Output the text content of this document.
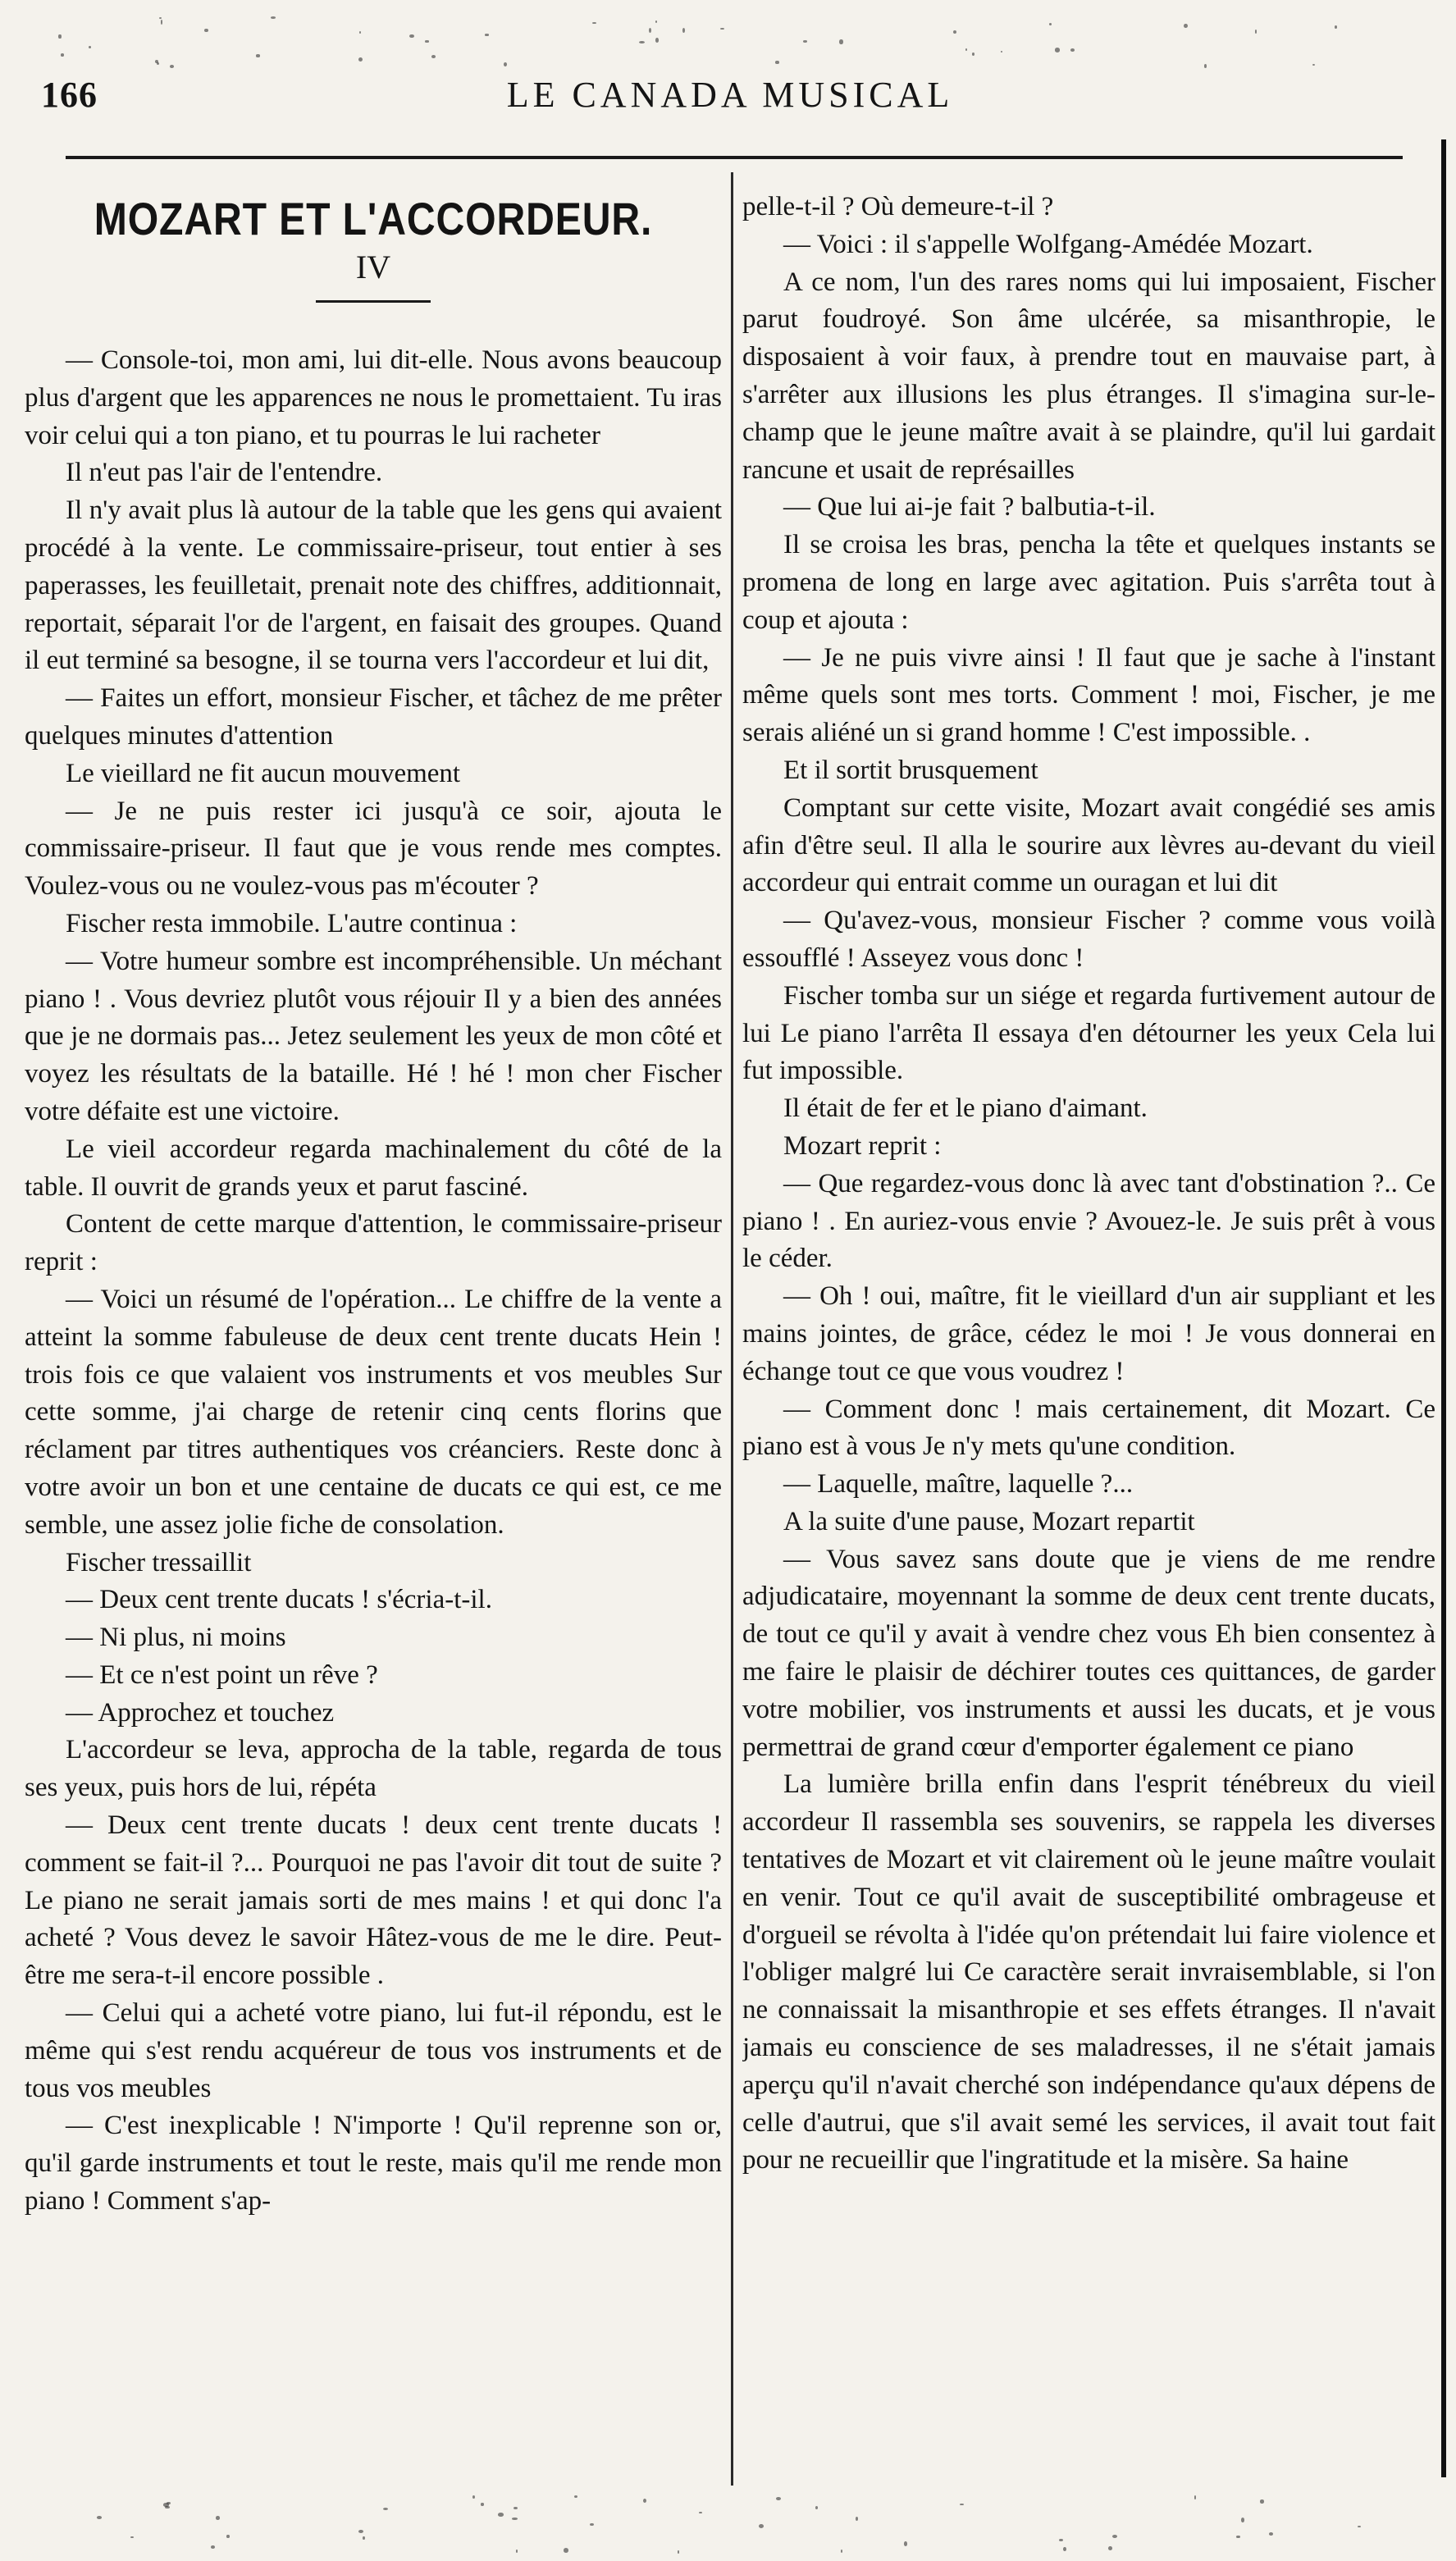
166	LE CANADA MUSICAL
MOZART ET L'ACCORDEUR.
IV

— Console-toi, mon ami, lui dit-elle. Nous avons beaucoup plus d'argent que les apparences ne nous le promettaient. Tu iras voir celui qui a ton piano, et tu pourras le lui racheter

Il n'eut pas l'air de l'entendre.

Il n'y avait plus là autour de la table que les gens qui avaient procédé à la vente. Le commissaire-priseur, tout entier à ses paperasses, les feuilletait, prenait note des chiffres, additionnait, reportait, séparait l'or de l'argent, en faisait des groupes. Quand il eut terminé sa besogne, il se tourna vers l'accordeur et lui dit,

— Faites un effort, monsieur Fischer, et tâchez de me prêter quelques minutes d'attention

Le vieillard ne fit aucun mouvement

— Je ne puis rester ici jusqu'à ce soir, ajouta le commissaire-priseur. Il faut que je vous rende mes comptes. Voulez-vous ou ne voulez-vous pas m'écouter ?

Fischer resta immobile. L'autre continua :

— Votre humeur sombre est incompréhensible. Un méchant piano ! . Vous devriez plutôt vous réjouir Il y a bien des années que je ne dormais pas... Jetez seulement les yeux de mon côté et voyez les résultats de la bataille. Hé ! hé ! mon cher Fischer votre défaite est une victoire.

Le vieil accordeur regarda machinalement du côté de la table. Il ouvrit de grands yeux et parut fasciné.

Content de cette marque d'attention, le commissaire-priseur reprit :

— Voici un résumé de l'opération... Le chiffre de la vente a atteint la somme fabuleuse de deux cent trente ducats Hein ! trois fois ce que valaient vos instruments et vos meubles Sur cette somme, j'ai charge de retenir cinq cents florins que réclament par titres authentiques vos créanciers. Reste donc à votre avoir un bon et une centaine de ducats ce qui est, ce me semble, une assez jolie fiche de consolation.

Fischer tressaillit

— Deux cent trente ducats ! s'écria-t-il.

— Ni plus, ni moins

— Et ce n'est point un rêve ?

— Approchez et touchez

L'accordeur se leva, approcha de la table, regarda de tous ses yeux, puis hors de lui, répéta

— Deux cent trente ducats ! deux cent trente ducats ! comment se fait-il ?... Pourquoi ne pas l'avoir dit tout de suite ? Le piano ne serait jamais sorti de mes mains ! et qui donc l'a acheté ? Vous devez le savoir Hâtez-vous de me le dire. Peut-être me sera-t-il encore possible .

— Celui qui a acheté votre piano, lui fut-il répondu, est le même qui s'est rendu acquéreur de tous vos instruments et de tous vos meubles

— C'est inexplicable ! N'importe ! Qu'il reprenne son or, qu'il garde instruments et tout le reste, mais qu'il me rende mon piano ! Comment s'ap-

pelle-t-il ? Où demeure-t-il ?

— Voici : il s'appelle Wolfgang-Amédée Mozart.

A ce nom, l'un des rares noms qui lui imposaient, Fischer parut foudroyé. Son âme ulcérée, sa misanthropie, le disposaient à voir faux, à prendre tout en mauvaise part, à s'arrêter aux illusions les plus étranges. Il s'imagina sur-le-champ que le jeune maître avait à se plaindre, qu'il lui gardait rancune et usait de représailles

— Que lui ai-je fait ? balbutia-t-il.

Il se croisa les bras, pencha la tête et quelques instants se promena de long en large avec agitation. Puis s'arrêta tout à coup et ajouta :

— Je ne puis vivre ainsi ! Il faut que je sache à l'instant même quels sont mes torts. Comment ! moi, Fischer, je me serais aliéné un si grand homme ! C'est impossible. .

Et il sortit brusquement

Comptant sur cette visite, Mozart avait congédié ses amis afin d'être seul. Il alla le sourire aux lèvres au-devant du vieil accordeur qui entrait comme un ouragan et lui dit

— Qu'avez-vous, monsieur Fischer ? comme vous voilà essoufflé ! Asseyez vous donc !

Fischer tomba sur un siége et regarda furtivement autour de lui Le piano l'arrêta Il essaya d'en détourner les yeux Cela lui fut impossible.

Il était de fer et le piano d'aimant.

Mozart reprit :

— Que regardez-vous donc là avec tant d'obstination ?.. Ce piano ! . En auriez-vous envie ? Avouez-le. Je suis prêt à vous le céder.

— Oh ! oui, maître, fit le vieillard d'un air suppliant et les mains jointes, de grâce, cédez le moi ! Je vous donnerai en échange tout ce que vous voudrez !

— Comment donc ! mais certainement, dit Mozart. Ce piano est à vous Je n'y mets qu'une condition.

— Laquelle, maître, laquelle ?...

A la suite d'une pause, Mozart repartit

— Vous savez sans doute que je viens de me rendre adjudicataire, moyennant la somme de deux cent trente ducats, de tout ce qu'il y avait à vendre chez vous Eh bien consentez à me faire le plaisir de déchirer toutes ces quittances, de garder votre mobilier, vos instruments et aussi les ducats, et je vous permettrai de grand cœur d'emporter également ce piano

La lumière brilla enfin dans l'esprit ténébreux du vieil accordeur Il rassembla ses souvenirs, se rappela les diverses tentatives de Mozart et vit clairement où le jeune maître voulait en venir. Tout ce qu'il avait de susceptibilité ombrageuse et d'orgueil se révolta à l'idée qu'on prétendait lui faire violence et l'obliger malgré lui Ce caractère serait invraisemblable, si l'on ne connaissait la misanthropie et ses effets étranges. Il n'avait jamais eu conscience de ses maladresses, il ne s'était jamais aperçu qu'il n'avait cherché son indépendance qu'aux dépens de celle d'autrui, que s'il avait semé les services, il avait tout fait pour ne recueillir que l'ingratitude et la misère. Sa haine
